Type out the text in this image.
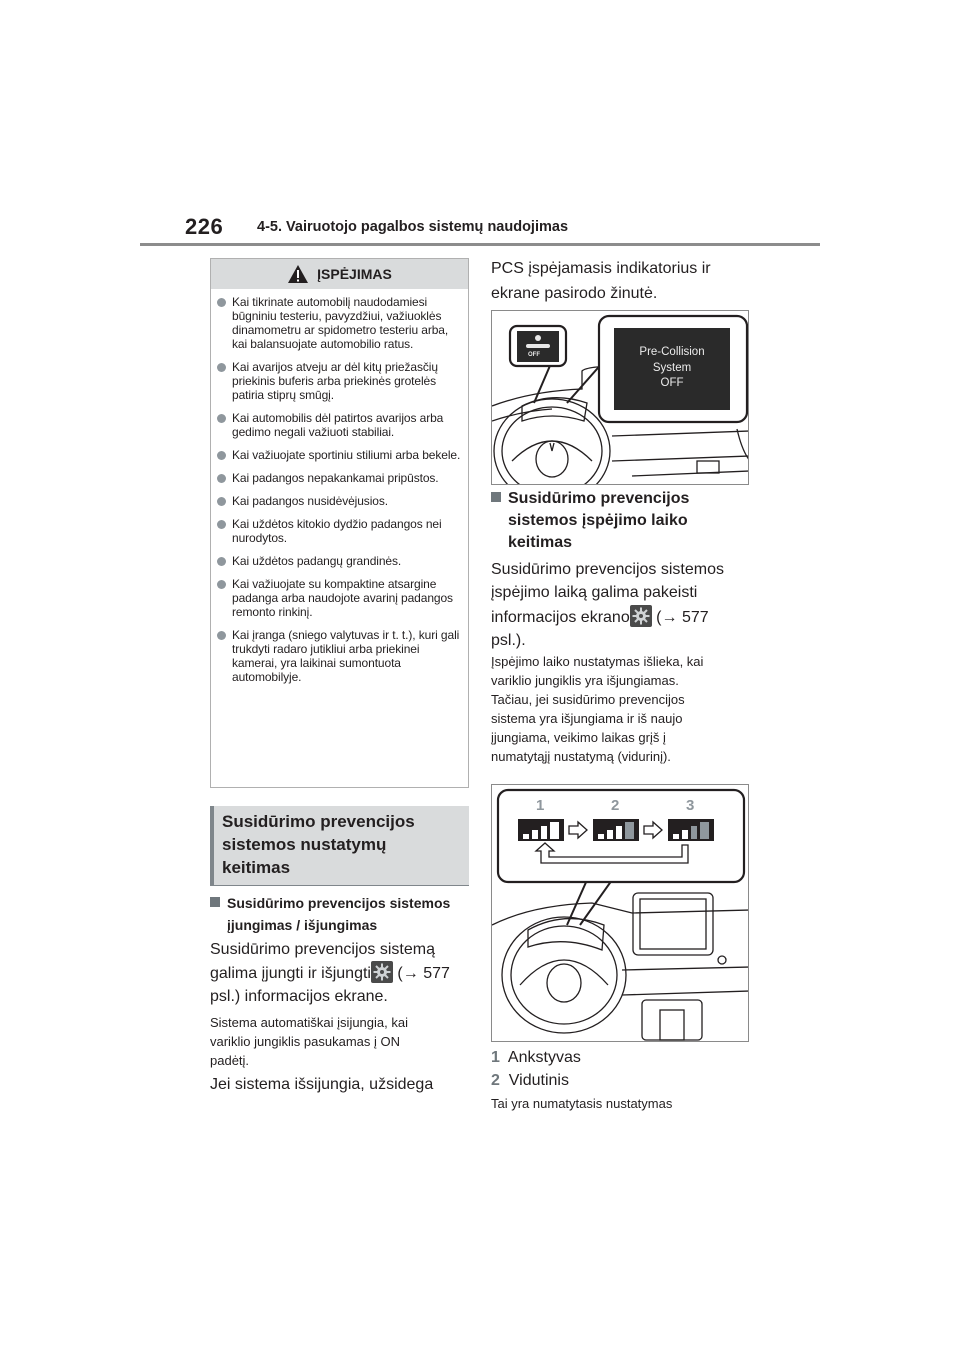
226 4-5. Vairuotojo pagalbos sistemų naudojimas
ĮSPĖJIMAS
Kai tikrinate automobilį naudodamiesi būgniniu testeriu, pavyzdžiui, važiuoklės dinamometru ar spidometro testeriu arba, kai balansuojate automobilio ratus.
Kai avarijos atveju ar dėl kitų priežasčių priekinis buferis arba priekinės grotelės patiria stiprų smūgį.
Kai automobilis dėl patirtos avarijos arba gedimo negali važiuoti stabiliai.
Kai važiuojate sportiniu stiliumi arba bekele.
Kai padangos nepakankamai pripūstos.
Kai padangos nusidėvėjusios.
Kai uždėtos kitokio dydžio padangos nei nurodytos.
Kai uždėtos padangų grandinės.
Kai važiuojate su kompaktine atsargine padanga arba naudojote avarinį padangos remonto rinkinį.
Kai įranga (sniego valytuvas ir t. t.), kuri gali trukdyti radaro jutikliui arba priekinei kamerai, yra laikinai sumontuota automobilyje.
Susidūrimo prevencijos
sistemos nustatymų
keitimas
Susidūrimo prevencijos sistemos
įjungimas / išjungimas
Susidūrimo prevencijos sistemą
galima įjungti ir išjungti (→ 577
psl.) informacijos ekrane.
Sistema automatiškai įsijungia, kai
variklio jungiklis pasukamas į ON
padėtį.
Jei sistema išsijungia, užsidega
PCS įspėjamasis indikatorius ir
ekrane pasirodo žinutė.
OFF	Pre-Collision
System
OFF
Susidūrimo prevencijos
sistemos įspėjimo laiko
keitimas
Susidūrimo prevencijos sistemos
įspėjimo laiką galima pakeisti
informacijos ekrano (→ 577
psl.).
Įspėjimo laiko nustatymas išlieka, kai
variklio jungiklis yra išjungiamas.
Tačiau, jei susidūrimo prevencijos
sistema yra išjungiama ir iš naujo
įjungiama, veikimo laikas grįš į
numatytąjį nustatymą (vidurinį).
1	2	3
1 Ankstyvas
2 Vidutinis
Tai yra numatytasis nustatymas
